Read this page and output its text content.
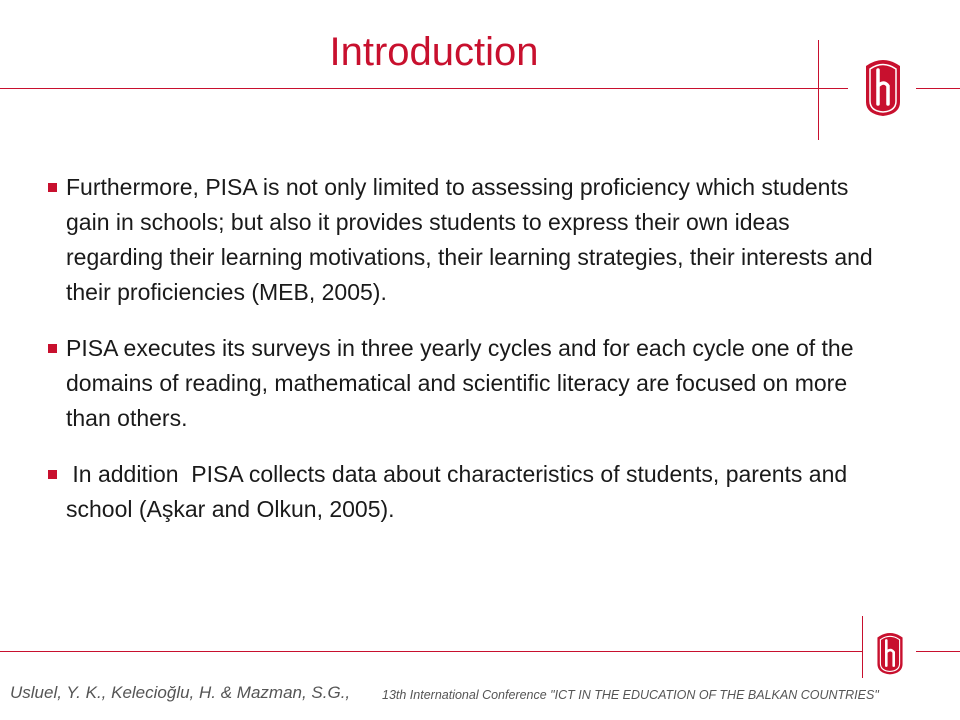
Introduction
Furthermore, PISA is not only limited to assessing proficiency which students gain in schools; but also it provides students to express their own ideas regarding their learning motivations, their learning strategies, their interests and their proficiencies (MEB, 2005).
PISA executes its surveys in three yearly cycles and for each cycle one of the domains of reading, mathematical and scientific literacy are focused on more than others.
In addition  PISA collects data about characteristics of students, parents and school (Aşkar and Olkun, 2005).
Usluel, Y. K., Kelecioğlu, H. & Mazman, S.G.,	13th International Conference "ICT IN THE EDUCATION OF THE BALKAN COUNTRIES"
